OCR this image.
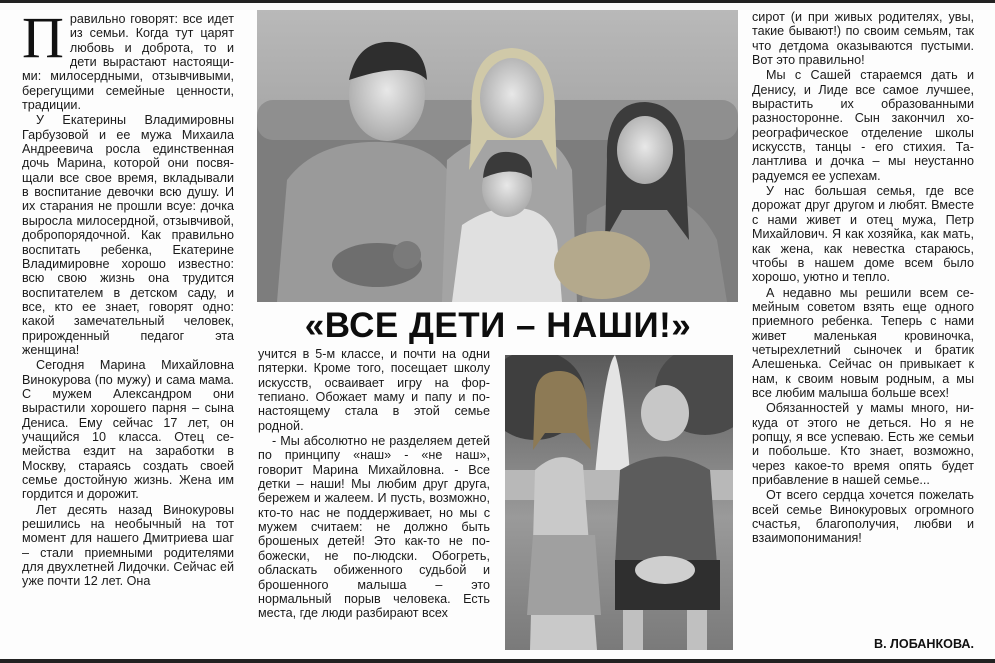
Правильно говорят: все идет из семьи. Когда тут царят любовь и доброта, то и дети вырастают настоящими: милосердными, отзывчивыми, берегущими семейные ценности, традиции.

У Екатерины Владимировны Гарбузовой и ее мужа Михаила Андреевича росла единственная дочь Марина, которой они посвящали все свое время, вкладывали в воспитание девочки всю душу. И их старания не прошли всуе: дочка выросла милосердной, отзывчивой, добропорядочной. Как правильно воспитать ребенка, Екатерине Владимировне хорошо известно: всю свою жизнь она трудится воспитателем в детском саду, и все, кто ее знает, говорят одно: какой замечательный человек, прирожденный педагог эта женщина!

Сегодня Марина Михайловна Винокурова (по мужу) и сама мама. С мужем Александром они вырастили хорошего парня – сына Дениса. Ему сейчас 17 лет, он учащийся 10 класса. Отец семейства ездит на заработки в Москву, стараясь создать своей семье достойную жизнь. Жена им гордится и дорожит.

Лет десять назад Винокуровы решились на необычный на тот момент для нашего Дмитриева шаг – стали приемными родителями для двухлетней Лидочки. Сейчас ей уже почти 12 лет. Она

«ВСЕ ДЕТИ – НАШИ!»

учится в 5-м классе, и почти на одни пятерки. Кроме того, посещает школу искусств, осваивает игру на фортепиано. Обожает маму и папу и понастоящему стала в этой семье родной.

- Мы абсолютно не разделяем детей по принципу «наш» - «не наш», говорит Марина Михайловна. - Все детки – наши! Мы любим друг друга, бережем и жалеем. И пусть, возможно, кто-то нас не поддерживает, но мы с мужем считаем: не должно быть брошеных детей! Это как-то не по-божески, не по-людски. Обогреть, обласкать обиженного судьбой и брошенного малыша – это нормальный порыв человека. Есть места, где люди разбирают всех

сирот (и при живых родителях, увы, такие бывают!) по своим семьям, так что детдома оказываются пустыми. Вот это правильно!

Мы с Сашей стараемся дать и Денису, и Лиде все самое лучшее, вырастить их образованными разносторонне. Сын закончил хореографическое отделение школы искусств, танцы - его стихия. Талантлива и дочка – мы неустанно радуемся ее успехам.

У нас большая семья, где все дорожат друг другом и любят. Вместе с нами живет и отец мужа, Петр Михайлович. Я как хозяйка, как мать, как жена, как невестка стараюсь, чтобы в нашем доме всем было хорошо, уютно и тепло.

А недавно мы решили всем семейным советом взять еще одного приемного ребенка. Теперь с нами живет маленькая кровиночка, четырехлетний сыночек и братик Алешенька. Сейчас он привыкает к нам, к своим новым родным, а мы все любим малыша больше всех!

Обязанностей у мамы много, никуда от этого не деться. Но я не ропщу, я все успеваю. Есть же семьи и побольше. Кто знает, возможно, через какое-то время опять будет прибавление в нашей семье...

От всего сердца хочется пожелать всей семье Винокуровых огромного счастья, благополучия, любви и взаимопонимания!

В. ЛОБАНКОВА.
